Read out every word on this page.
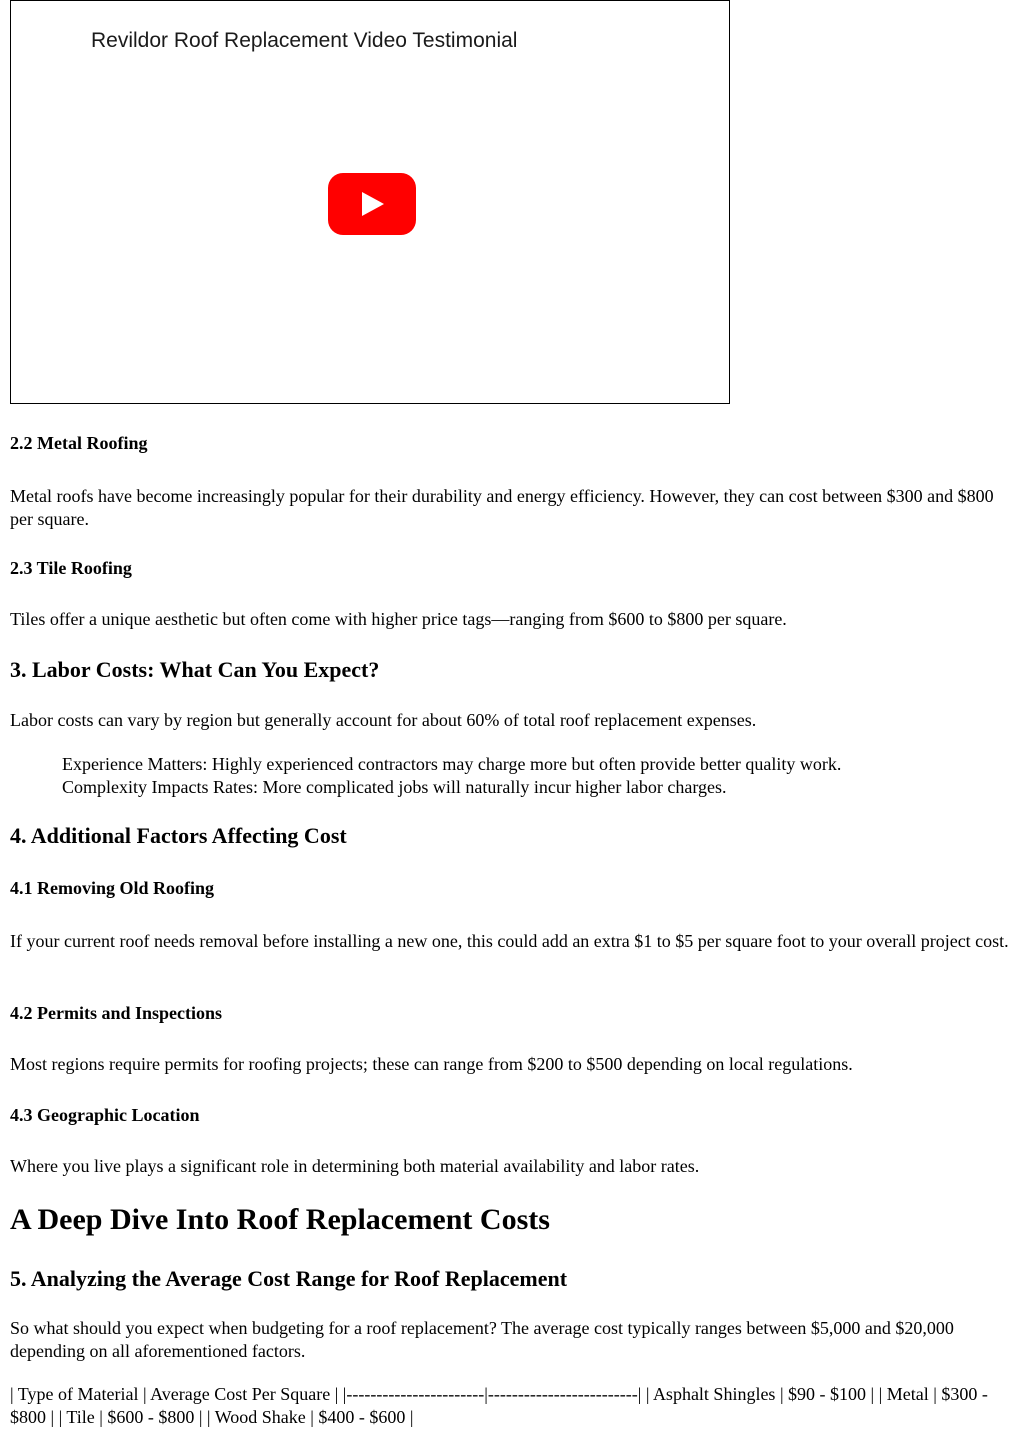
Revildor Roof Replacement Video Testimonial
2.2 Metal Roofing

Metal roofs have become increasingly popular for their durability and energy efficiency. However, they can cost between $300 and $800 per square.

2.3 Tile Roofing

Tiles offer a unique aesthetic but often come with higher price tags—ranging from $600 to $800 per square.

3. Labor Costs: What Can You Expect?

Labor costs can vary by region but generally account for about 60% of total roof replacement expenses.

Experience Matters: Highly experienced contractors may charge more but often provide better quality work.
Complexity Impacts Rates: More complicated jobs will naturally incur higher labor charges.
4. Additional Factors Affecting Cost
4.1 Removing Old Roofing

If your current roof needs removal before installing a new one, this could add an extra $1 to $5 per square foot to your overall project cost.

4.2 Permits and Inspections

Most regions require permits for roofing projects; these can range from $200 to $500 depending on local regulations.

4.3 Geographic Location

Where you live plays a significant role in determining both material availability and labor rates.

A Deep Dive Into Roof Replacement Costs
5. Analyzing the Average Cost Range for Roof Replacement

So what should you expect when budgeting for a roof replacement? The average cost typically ranges between $5,000 and $20,000 depending on all aforementioned factors.

| Type of Material | Average Cost Per Square | |-----------------------|-------------------------| | Asphalt Shingles | $90 - $100 | | Metal | $300 - $800 | | Tile | $600 - $800 | | Wood Shake | $400 - $600 |
